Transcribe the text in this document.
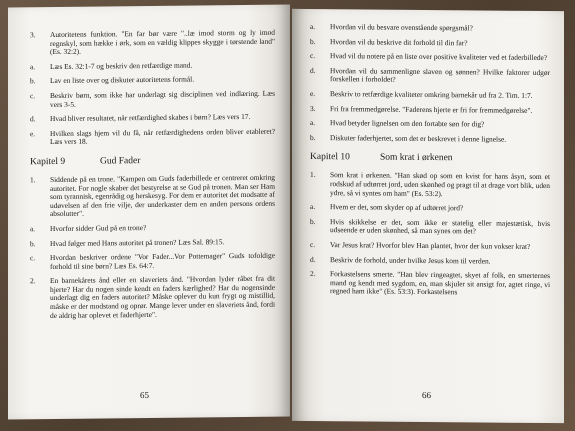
3.	Autoritetens funktion. "En far bør være "..læ imod storm og ly imod regnskyl, som hække i ørk, som en vældig klippes skygge i tørstende land" (Es. 32:2).
a.	Læs Es. 32:1-7 og beskriv den retfærdige mand.
b.	Lav en liste over og diskuter autoritetens formål.
c.	Beskriv børn, som ikke har underlagt sig disciplinen ved indlæring. Læs vers 3-5.
d.	Hvad bliver resultatet, når retfærdighed skabes i børn? Læs vers 17.
e.	Hvilken slags hjem vil du få, når retfærdighedens orden bliver etableret? Læs vers 18.
Kapitel 9	Gud Fader
1.	Siddende på en trone. "Kampen om Guds faderbillede er centreret omkring autoritet. For nogle skaber det bestyrelse at se Gud på tronen. Man ser Ham som tyrannisk, egenrådig og herskesyg. For dem er autoritet det modsatte af udøvelsen af den frie vilje, der underkaster dem en anden persons ordens absolutter".
a.	Hvorfor sidder Gud på en trone?
b.	Hvad følger med Hans autoritet på tronen? Læs Sal. 89:15.
c.	Hvordan beskriver ordene "Vor Fader...Vor Pottemager" Guds tofoldige forhold til sine børn? Læs Es. 64:7.
2.	En barnekårets ånd eller en slaveriets ånd. "Hvordan lyder råbet fra dit hjerte? Har du nogen sinde kendt en faders kærlighed? Har du nogensinde underlagt dig en faders autoritet? Måske oplever du kun frygt og mistillid, måske er der modstand og oprør. Mange lever under en slaveriets ånd, fordi de aldrig har oplevet et faderhjerte".
65
a.	Hvordan vil du besvare ovenstående spørgsmål?
b.	Hvordan vil du beskrive dit forhold til din far?
c.	Hvad vil du notere på en liste over positive kvaliteter ved et faderbillede?
d.	Hvordan vil du sammenligne slaven og sønnen? Hvilke faktorer udgør forskellen i forholdet?
e.	Beskriv to retfærdige kvaliteter omkring barnekår ud fra 2. Tim. 1:7.
3.	Fri fra fremmedgørelse. "Faderens hjerte er fri for fremmedgørelse".
a.	Hvad betyder lignelsen om den fortabte søn for dig?
b.	Diskuter faderhjertet, som det er beskrevet i denne lignelse.
Kapitel 10	Som krat i ørkenen
1.	Som krat i ørkenen. "Han skød op som en kvist for hans åsyn, som et rodskud af udtørret jord, uden skønhed og pragt til at drage vort blik, uden ydre, så vi syntes om ham" (Es. 53:2).
a.	Hvem er det, som skyder op af udtørret jord?
b.	Hvis skikkelse er det, som ikke er statelig eller majestætisk, hvis udseende er uden skønhed, så man synes om det?
c.	Var Jesus krat? Hvorfor blev Han plantet, hvor der kun vokser krat?
d.	Beskriv de forhold, under hvilke Jesus kom til verden.
2.	Forkastelsens smerte. "Han blev ringeagtet, skyet af folk, en smerternes mand og kendt med sygdom, en, man skjuler sit ansigt for, agtet ringe, vi regned ham ikke" (Es. 53:3). Forkastelsens
66
